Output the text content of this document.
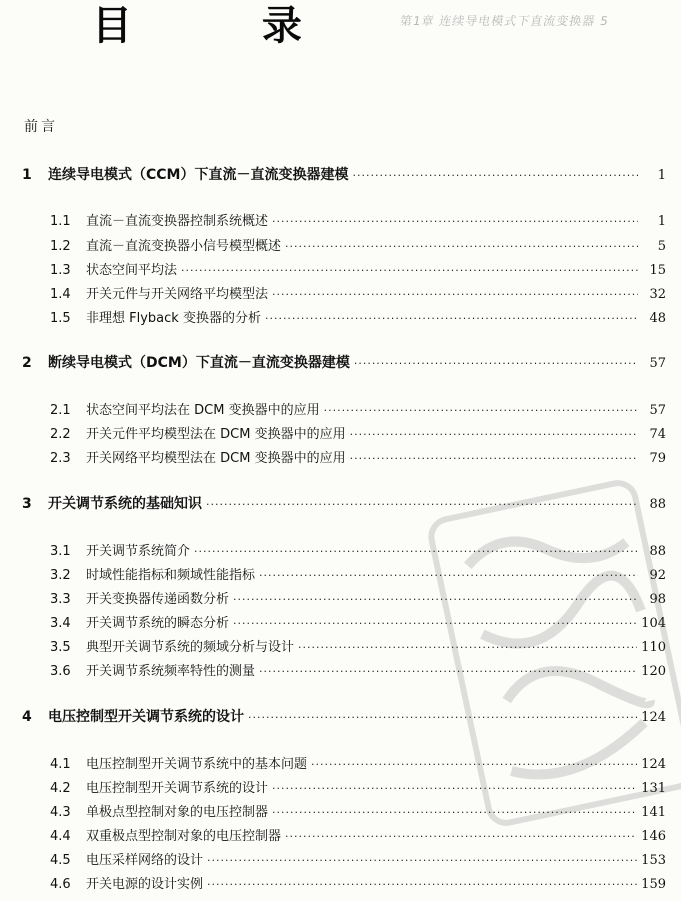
目 录	第1章 连续导电模式下直流变换器 5
前言
1	连续导电模式（CCM）下直流－直流变换器建模 ·····	1
1.1	直流－直流变换器控制系统概述 ·····	1
1.2	直流－直流变换器小信号模型概述 ·····	5
1.3	状态空间平均法 ·····	15
1.4	开关元件与开关网络平均模型法 ·····	32
1.5	非理想 Flyback 变换器的分析 ·····	48
2	断续导电模式（DCM）下直流－直流变换器建模 ·····	57
2.1	状态空间平均法在 DCM 变换器中的应用 ·····	57
2.2	开关元件平均模型法在 DCM 变换器中的应用 ·····	74
2.3	开关网络平均模型法在 DCM 变换器中的应用 ·····	79
3	开关调节系统的基础知识 ·····	88
3.1	开关调节系统简介 ·····	88
3.2	时域性能指标和频域性能指标 ·····	92
3.3	开关变换器传递函数分析 ·····	98
3.4	开关调节系统的瞬态分析 ·····	104
3.5	典型开关调节系统的频域分析与设计 ·····	110
3.6	开关调节系统频率特性的测量 ·····	120
4	电压控制型开关调节系统的设计 ·····	124
4.1	电压控制型开关调节系统中的基本问题 ·····	124
4.2	电压控制型开关调节系统的设计 ·····	131
4.3	单极点型控制对象的电压控制器 ·····	141
4.4	双重极点型控制对象的电压控制器 ·····	146
4.5	电压采样网络的设计 ·····	153
4.6	开关电源的设计实例 ·····	159
